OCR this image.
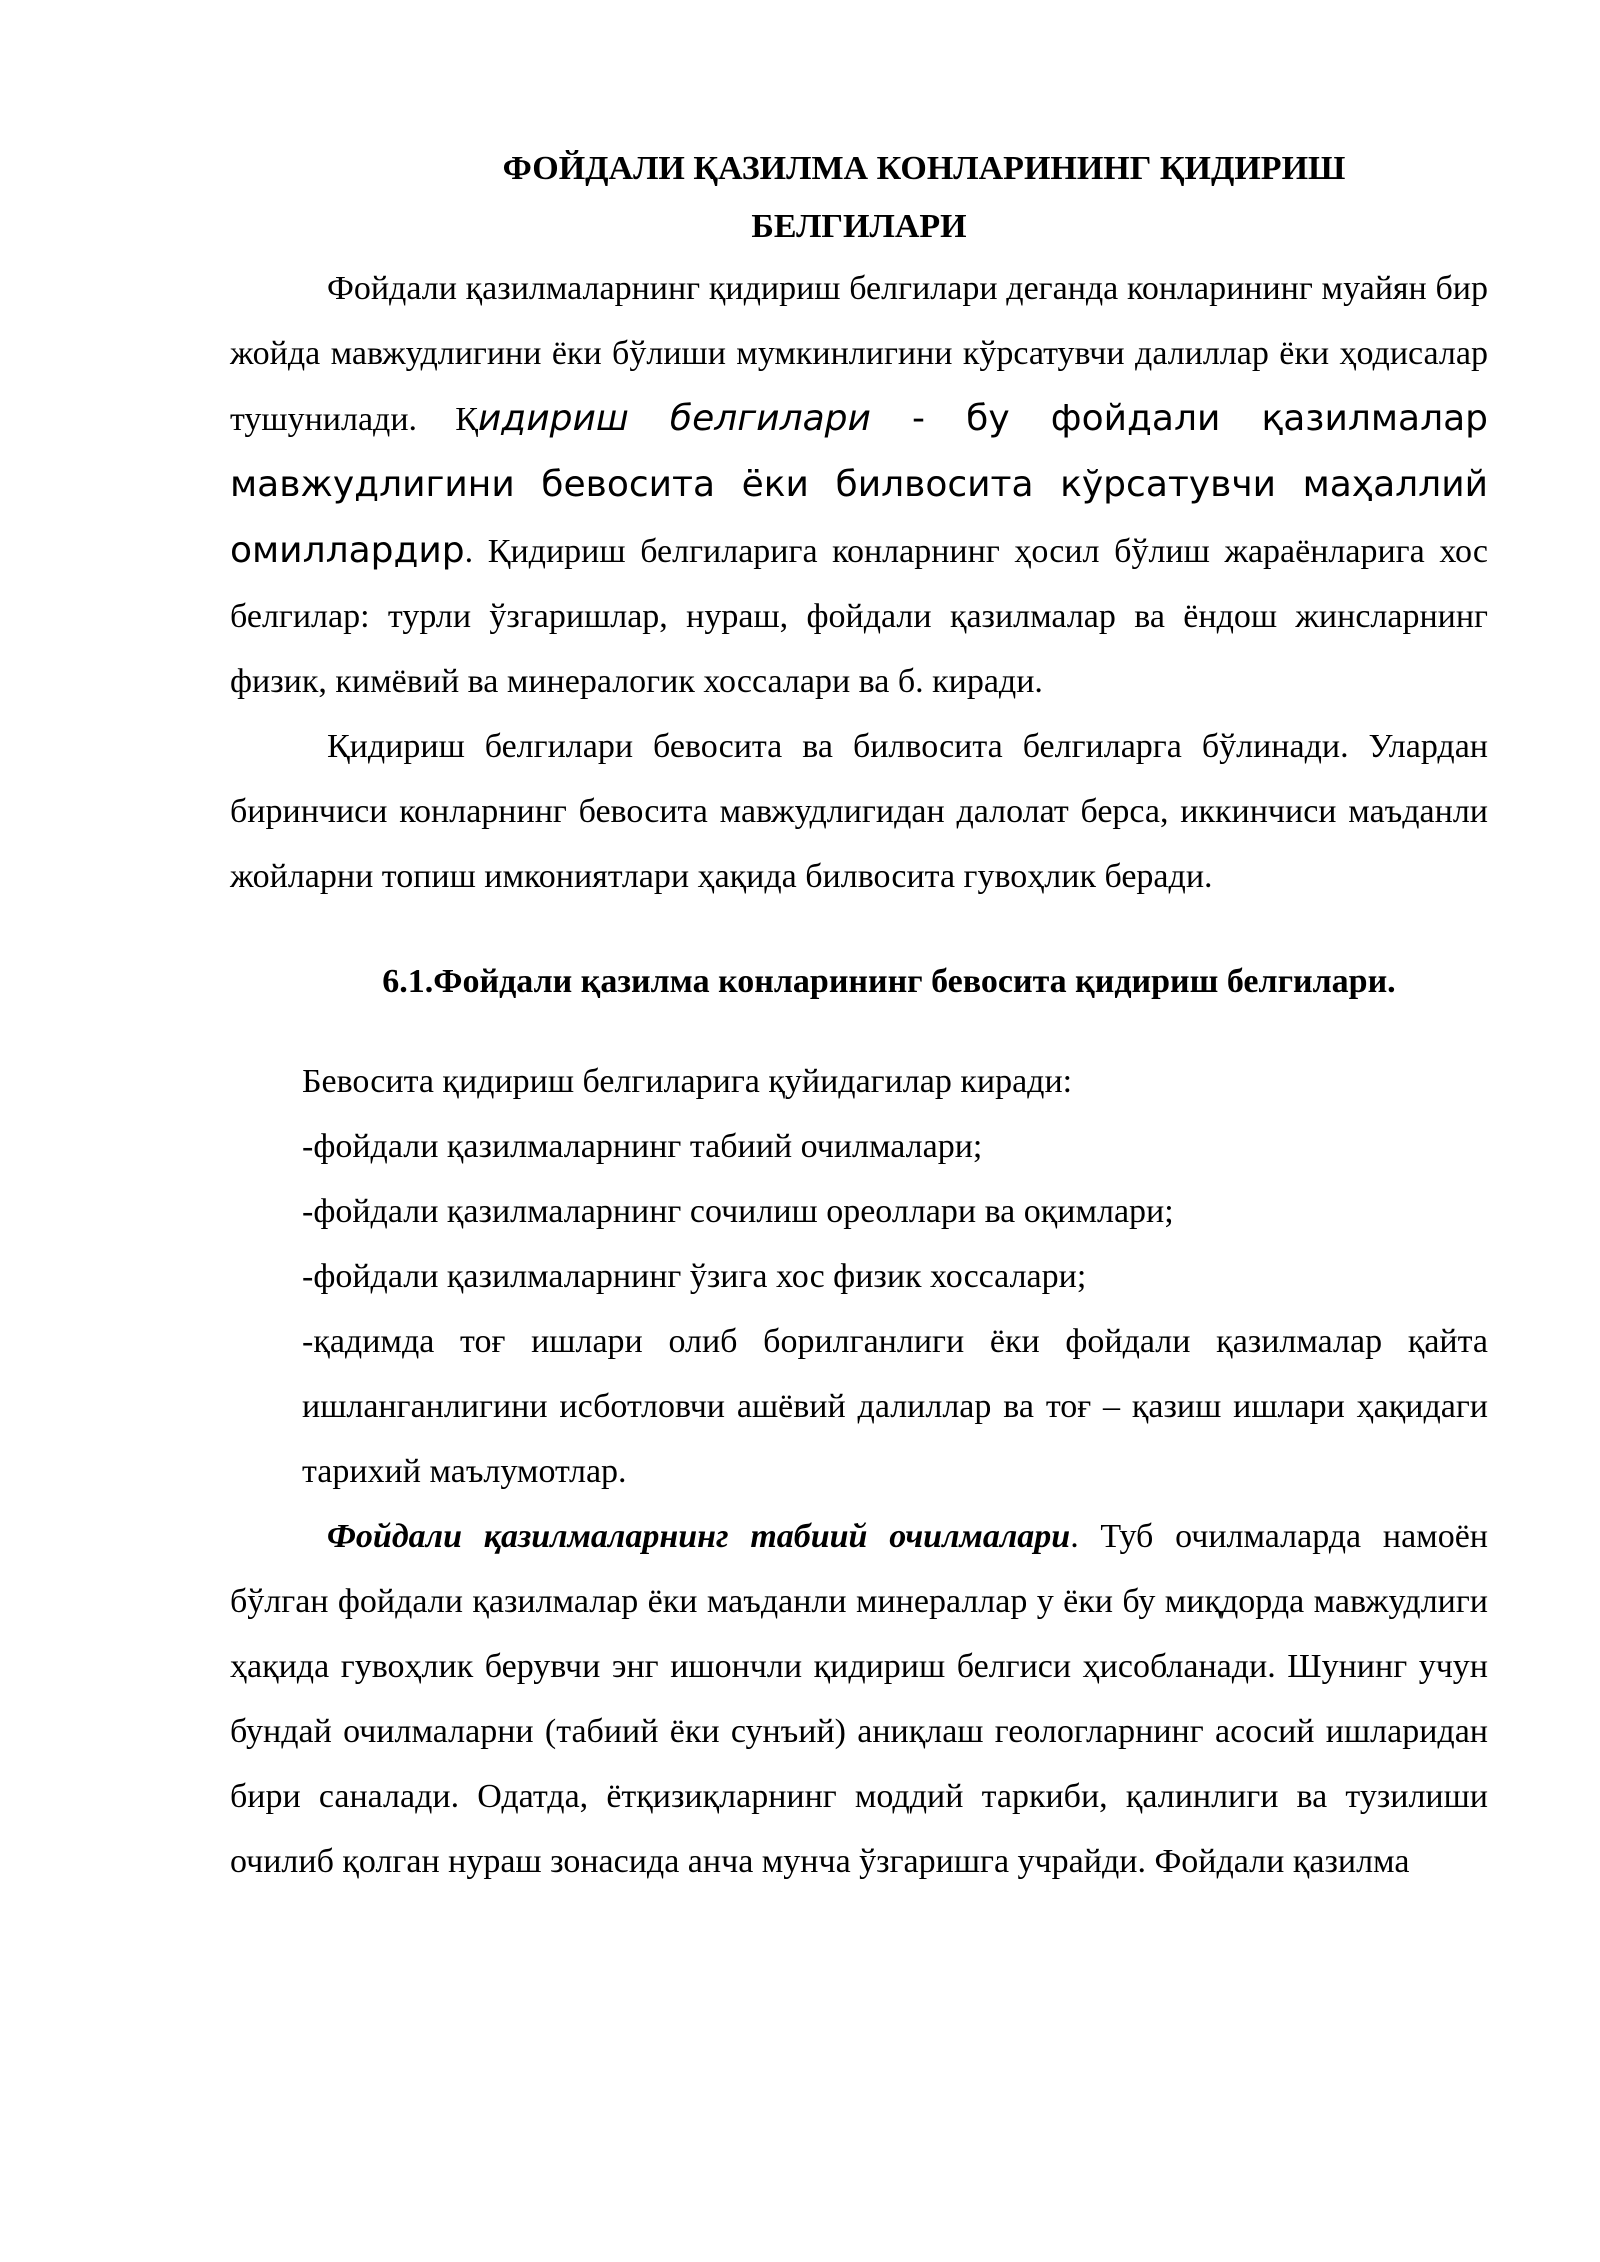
ФОЙДАЛИ ҚАЗИЛМА КОНЛАРИНИНГ ҚИДИРИШ
БЕЛГИЛАРИ

Фойдали қазилмаларнинг қидириш белгилари деганда конларининг муайян бир жойда мавжудлигини ёки бўлиши мумкинлигини кўрсатувчи далиллар ёки ҳодисалар тушунилади. Қидириш белгилари - бу фойдали қазилмалар мавжудлигини бевосита ёки билвосита кўрсатувчи маҳаллий омиллардир. Қидириш белгиларига конларнинг ҳосил бўлиш жараёнларига хос белгилар: турли ўзгаришлар, нураш, фойдали қазилмалар ва ёндош жинсларнинг физик, кимёвий ва минералогик хоссалари ва б. киради.

Қидириш белгилари бевосита ва билвосита белгиларга бўлинади. Улардан биринчиси конларнинг бевосита мавжудлигидан далолат берса, иккинчиси маъданли жойларни топиш имкониятлари ҳақида билвосита гувоҳлик беради.

6.1.Фойдали қазилма конларининг бевосита қидириш белгилари.
Бевосита қидириш белгиларига қуйидагилар киради:
-фойдали қазилмаларнинг табиий очилмалари;
-фойдали қазилмаларнинг сочилиш ореоллари ва оқимлари;
-фойдали қазилмаларнинг ўзига хос физик хоссалари;
-қадимда тоғ ишлари олиб борилганлиги ёки фойдали қазилмалар қайта ишланганлигини исботловчи ашёвий далиллар ва тоғ – қазиш ишлари ҳақидаги тарихий маълумотлар.

Фойдали қазилмаларнинг табиий очилмалари. Туб очилмаларда намоён бўлган фойдали қазилмалар ёки маъданли минераллар у ёки бу миқдорда мавжудлиги ҳақида гувоҳлик берувчи энг ишончли қидириш белгиси ҳисобланади. Шунинг учун бундай очилмаларни (табиий ёки сунъий) аниқлаш геологларнинг асосий ишларидан бири саналади. Одатда, ётқизиқларнинг моддий таркиби, қалинлиги ва тузилиши очилиб қолган нураш зонасида анча мунча ўзгаришга учрайди. Фойдали қазилма
